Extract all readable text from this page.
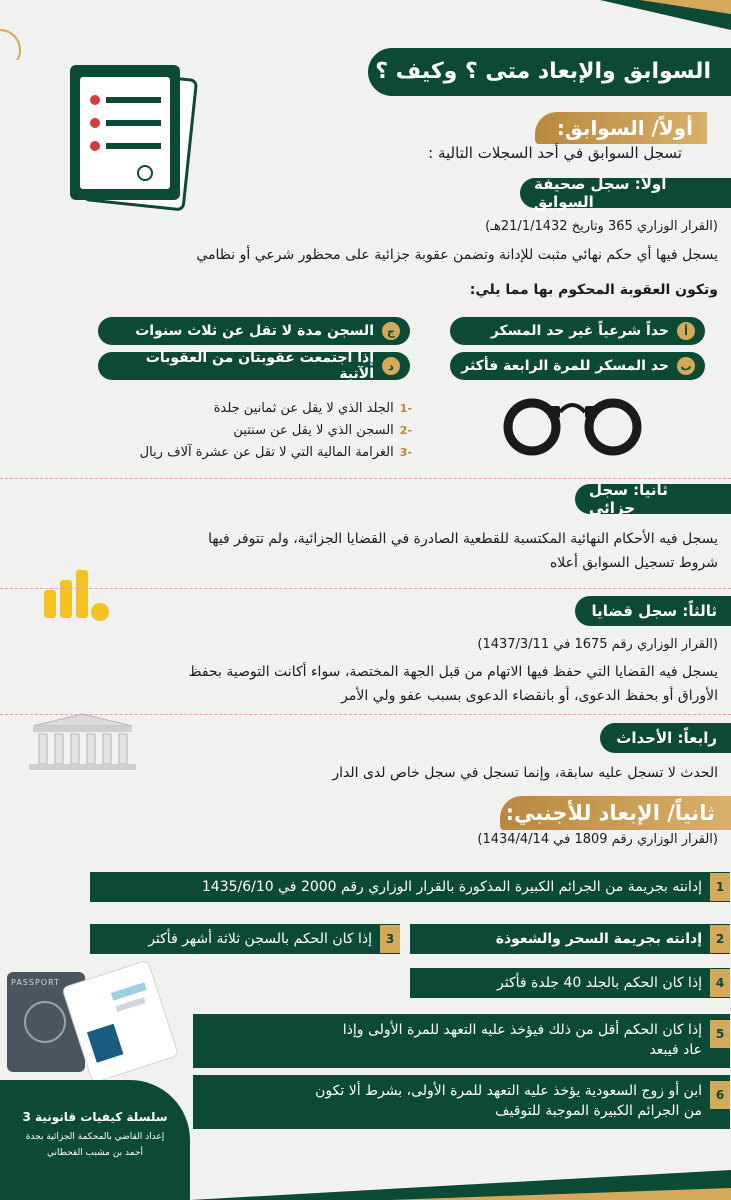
السوابق والإبعاد متى ؟ وكيف ؟
أولاً/ السوابق:
تسجل السوابق في أحد السجلات التالية :
أولاً: سجل صحيفة السوابق
(القرار الوزاري 365 وتاريخ 21/1/1432هـ)
يسجل فيها أي حكم نهائي مثبت للإدانة وتضمن عقوبة جزائية على محظور شرعي أو نظامي
وتكون العقوبة المحكوم بها مما يلي:
أ
حداً شرعياً غير حد المسكر
ب
حد المسكر للمرة الرابعة فأكثر
ج
السجن مدة لا تقل عن ثلاث سنوات
د
إذا اجتمعت عقوبتان من العقوبات الآتية
-1
الجلد الذي لا يقل عن ثمانين جلدة
-2
السجن الذي لا يقل عن سنتين
-3
الغرامة المالية التي لا تقل عن عشرة آلاف ريال
ثانياً: سجل جزائي
يسجل فيه الأحكام النهائية المكتسبة للقطعية الصادرة في القضايا الجزائية، ولم تتوفر فيها
شروط تسجيل السوابق أعلاه
ثالثاً: سجل قضايا
(القرار الوزاري رقم 1675 في 1437/3/11)
يسجل فيه القضايا التي حفظ فيها الاتهام من قبل الجهة المختصة، سواء أكانت التوصية بحفظ
الأوراق أو بحفظ الدعوى، أو بانقضاء الدعوى بسبب عفو ولي الأمر
رابعاً: الأحداث
الحدث لا تسجل عليه سابقة، وإنما تسجل في سجل خاص لدى الدار
ثانياً/ الإبعاد للأجنبي:
(القرار الوزاري رقم 1809 في 1434/4/14)
1
إدانته بجريمة من الجرائم الكبيرة المذكورة بالقرار الوزاري رقم 2000 في 1435/6/10
2
إدانته بجريمة السحر والشعوذة
3
إذا كان الحكم بالسجن ثلاثة أشهر فأكثر
4
إذا كان الحكم بالجلد 40 جلدة فأكثر
5
إذا كان الحكم أقل من ذلك فيؤخذ عليه التعهد للمرة الأولى وإذا
عاد فيبعد
6
ابن أو زوج السعودية يؤخذ عليه التعهد للمرة الأولى، بشرط ألا تكون
من الجرائم الكبيرة الموجبة للتوقيف
PASSPORT
سلسلة كيفيات قانونية 3
إعداد القاضي بالمحكمة الجزائية بجدة
أحمد بن مشبب القحطاني
